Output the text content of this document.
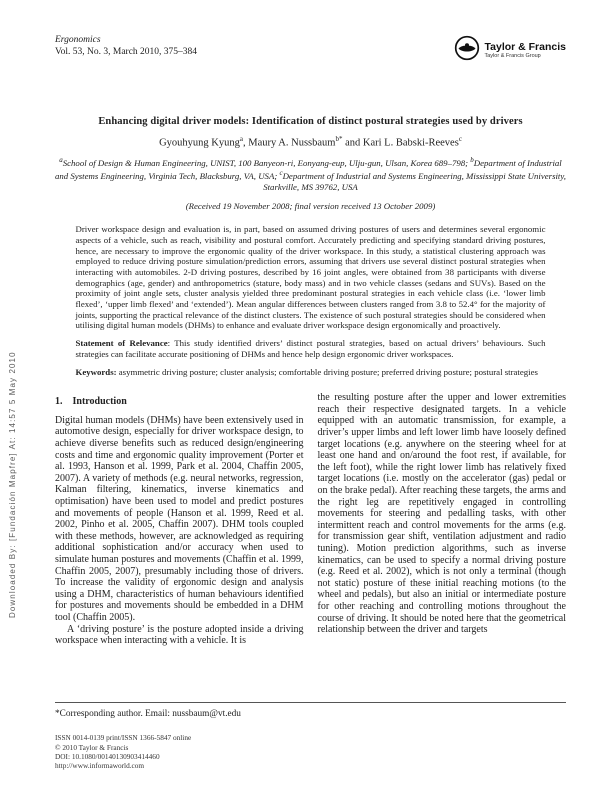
Downloaded By: [Fundación Mapfre] At: 14:57 5 May 2010
Ergonomics
Vol. 53, No. 3, March 2010, 375–384	Taylor & Francis
Taylor & Francis Group
Enhancing digital driver models: Identification of distinct postural strategies used by drivers
Gyouhyung Kyung$^a$, Maury A. Nussbaum$^{b*}$ and Kari L. Babski-Reeves$^c$
$^a$School of Design & Human Engineering, UNIST, 100 Banyeon-ri, Eonyang-eup, Ulju-gun, Ulsan, Korea 689–798; $^b$Department of Industrial and Systems Engineering, Virginia Tech, Blacksburg, VA, USA; $^c$Department of Industrial and Systems Engineering, Mississippi State University, Starkville, MS 39762, USA
(Received 19 November 2008; final version received 13 October 2009)

Driver workspace design and evaluation is, in part, based on assumed driving postures of users and determines several ergonomic aspects of a vehicle, such as reach, visibility and postural comfort. Accurately predicting and specifying standard driving postures, hence, are necessary to improve the ergonomic quality of the driver workspace. In this study, a statistical clustering approach was employed to reduce driving posture simulation/prediction errors, assuming that drivers use several distinct postural strategies when interacting with automobiles. 2-D driving postures, described by 16 joint angles, were obtained from 38 participants with diverse demographics (age, gender) and anthropometrics (stature, body mass) and in two vehicle classes (sedans and SUVs). Based on the proximity of joint angle sets, cluster analysis yielded three predominant postural strategies in each vehicle class (i.e. ‘lower limb flexed’, ‘upper limb flexed’ and ‘extended’). Mean angular differences between clusters ranged from 3.8 to 52.4° for the majority of joints, supporting the practical relevance of the distinct clusters. The existence of such postural strategies should be considered when utilising digital human models (DHMs) to enhance and evaluate driver workspace design ergonomically and proactively.

Statement of Relevance: This study identified drivers’ distinct postural strategies, based on actual drivers’ behaviours. Such strategies can facilitate accurate positioning of DHMs and hence help design ergonomic driver workspaces.

Keywords: asymmetric driving posture; cluster analysis; comfortable driving posture; preferred driving posture; postural strategies

1. Introduction

Digital human models (DHMs) have been extensively used in automotive design, especially for driver workspace design, to achieve diverse benefits such as reduced design/engineering costs and time and ergonomic quality improvement (Porter et al. 1993, Hanson et al. 1999, Park et al. 2004, Chaffin 2005, 2007). A variety of methods (e.g. neural networks, regression, Kalman filtering, kinematics, inverse kinematics and optimisation) have been used to model and predict postures and movements of people (Hanson et al. 1999, Reed et al. 2002, Pinho et al. 2005, Chaffin 2007). DHM tools coupled with these methods, however, are acknowledged as requiring additional sophistication and/or accuracy when used to simulate human postures and movements (Chaffin et al. 1999, Chaffin 2005, 2007), presumably including those of drivers. To increase the validity of ergonomic design and analysis using a DHM, characteristics of human behaviours identified for postures and movements should be embedded in a DHM tool (Chaffin 2005).

A ‘driving posture’ is the posture adopted inside a driving workspace when interacting with a vehicle. It is

the resulting posture after the upper and lower extremities reach their respective designated targets. In a vehicle equipped with an automatic transmission, for example, a driver’s upper limbs and left lower limb have loosely defined target locations (e.g. anywhere on the steering wheel for at least one hand and on/around the foot rest, if available, for the left foot), while the right lower limb has relatively fixed target locations (i.e. mostly on the accelerator (gas) pedal or on the brake pedal). After reaching these targets, the arms and the right leg are repetitively engaged in controlling movements for steering and pedalling tasks, with other intermittent reach and control movements for the arms (e.g. for transmission gear shift, ventilation adjustment and radio tuning). Motion prediction algorithms, such as inverse kinematics, can be used to specify a normal driving posture (e.g. Reed et al. 2002), which is not only a terminal (though not static) posture of these initial reaching motions (to the wheel and pedals), but also an initial or intermediate posture for other reaching and controlling motions throughout the course of driving. It should be noted here that the geometrical relationship between the driver and targets

*Corresponding author. Email: nussbaum@vt.edu
ISSN 0014-0139 print/ISSN 1366-5847 online
© 2010 Taylor & Francis
DOI: 10.1080/00140130903414460
http://www.informaworld.com
